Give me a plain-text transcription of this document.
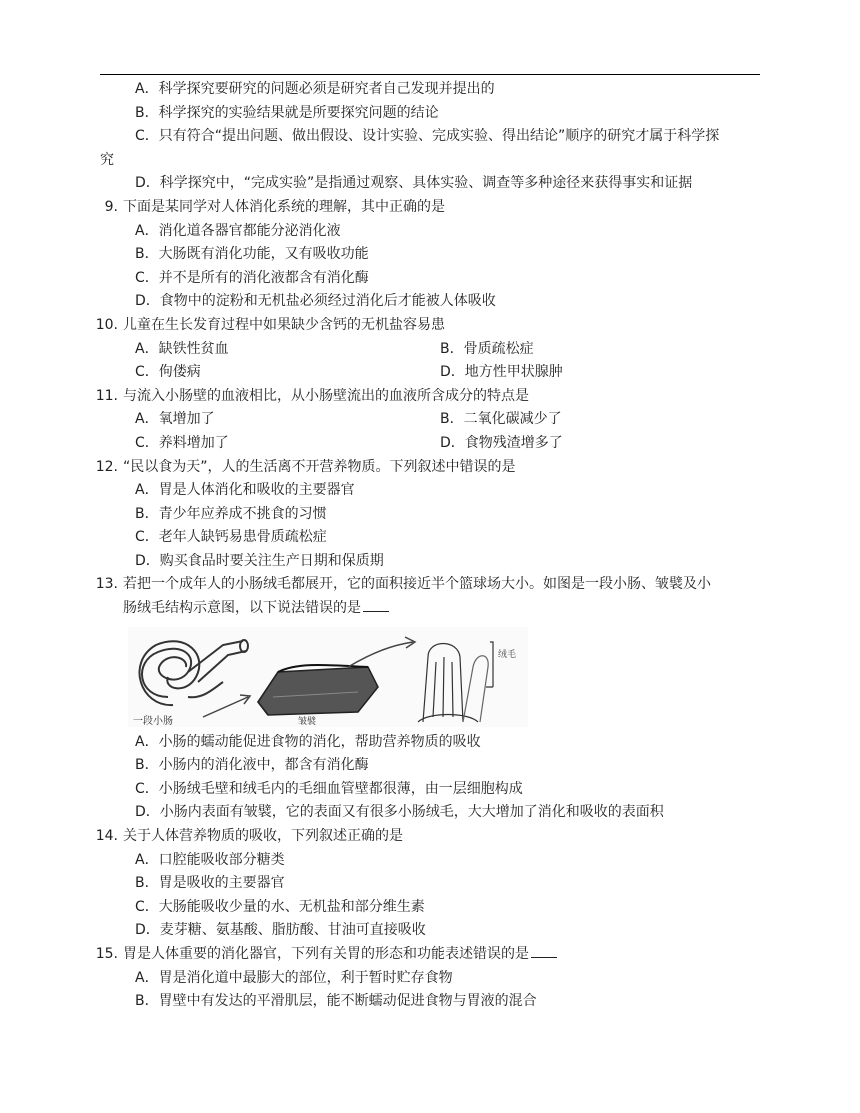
A．科学探究要研究的问题必须是研究者自己发现并提出的
B．科学探究的实验结果就是所要探究问题的结论
C．只有符合“提出问题、做出假设、设计实验、完成实验、得出结论”顺序的研究才属于科学探
究
D．科学探究中，“完成实验”是指通过观察、具体实验、调查等多种途径来获得事实和证据
9. 下面是某同学对人体消化系统的理解，其中正确的是
A．消化道各器官都能分泌消化液
B．大肠既有消化功能，又有吸收功能
C．并不是所有的消化液都含有消化酶
D．食物中的淀粉和无机盐必须经过消化后才能被人体吸收
10. 儿童在生长发育过程中如果缺少含钙的无机盐容易患
A．缺铁性贫血	B．骨质疏松症
C．佝偻病	D．地方性甲状腺肿
11. 与流入小肠壁的血液相比，从小肠壁流出的血液所含成分的特点是
A．氧增加了	B．二氧化碳减少了
C．养料增加了	D．食物残渣增多了
12. “民以食为天”，人的生活离不开营养物质。下列叙述中错误的是
A．胃是人体消化和吸收的主要器官
B．青少年应养成不挑食的习惯
C．老年人缺钙易患骨质疏松症
D．购买食品时要关注生产日期和保质期
13. 若把一个成年人的小肠绒毛都展开，它的面积接近半个篮球场大小。如图是一段小肠、皱襞及小
肠绒毛结构示意图，以下说法错误的是
绒毛
一段小肠	皱襞
A．小肠的蠕动能促进食物的消化，帮助营养物质的吸收
B．小肠内的消化液中，都含有消化酶
C．小肠绒毛壁和绒毛内的毛细血管壁都很薄，由一层细胞构成
D．小肠内表面有皱襞，它的表面又有很多小肠绒毛，大大增加了消化和吸收的表面积
14. 关于人体营养物质的吸收，下列叙述正确的是
A．口腔能吸收部分糖类
B．胃是吸收的主要器官
C．大肠能吸收少量的水、无机盐和部分维生素
D．麦芽糖、氨基酸、脂肪酸、甘油可直接吸收
15. 胃是人体重要的消化器官，下列有关胃的形态和功能表述错误的是
A．胃是消化道中最膨大的部位，利于暂时贮存食物
B．胃壁中有发达的平滑肌层，能不断蠕动促进食物与胃液的混合
